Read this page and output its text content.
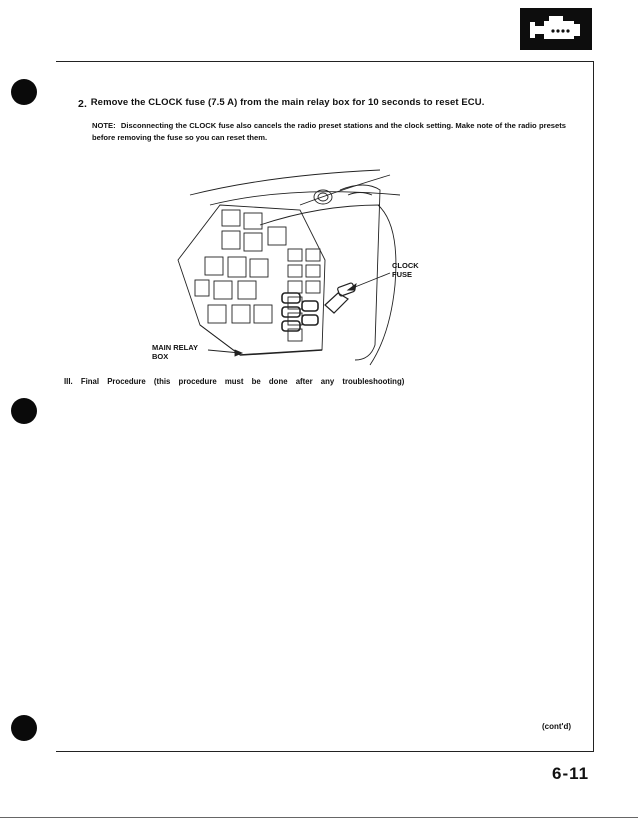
2. Remove the CLOCK fuse (7.5 A) from the main relay box for 10 seconds to reset ECU.
NOTE: Disconnecting the CLOCK fuse also cancels the radio preset stations and the clock setting. Make note of the radio presets before removing the fuse so you can reset them.
CLOCK
FUSE
MAIN RELAY
BOX
III. Final Procedure (this procedure must be done after any troubleshooting)
(cont'd)
6-11
